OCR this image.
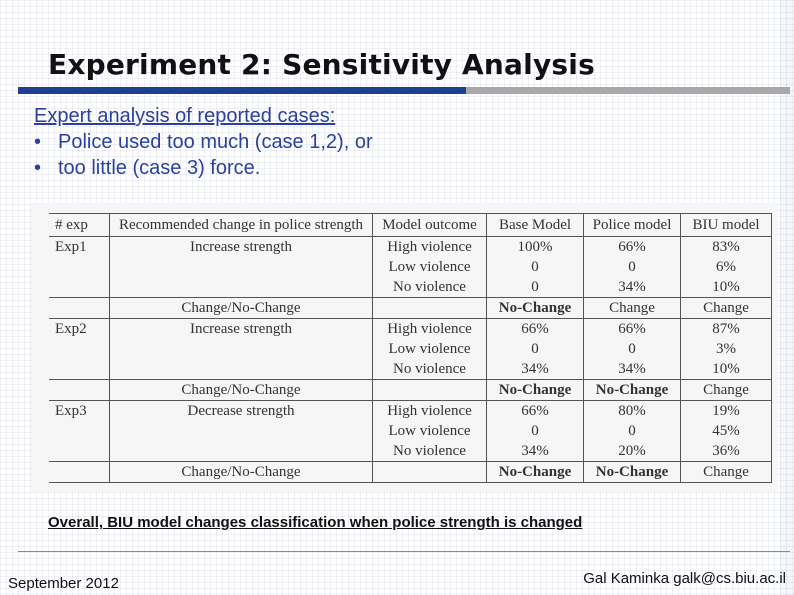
Experiment 2: Sensitivity Analysis
Expert analysis of reported cases:
• Police used too much (case 1,2), or
• too little (case 3) force.
# exp	Recommended change in police strength	Model outcome	Base Model	Police model	BIU model
Exp1	Increase strength	High violence	100%	66%	83%
		Low violence	0	0	6%
		No violence	0	34%	10%
	Change/No-Change		No-Change	Change	Change
Exp2	Increase strength	High violence	66%	66%	87%
		Low violence	0	0	3%
		No violence	34%	34%	10%
	Change/No-Change		No-Change	No-Change	Change
Exp3	Decrease strength	High violence	66%	80%	19%
		Low violence	0	0	45%
		No violence	34%	20%	36%
	Change/No-Change		No-Change	No-Change	Change
Overall, BIU model changes classification when police strength is changed
September 2012	Gal Kaminka galk@cs.biu.ac.il
